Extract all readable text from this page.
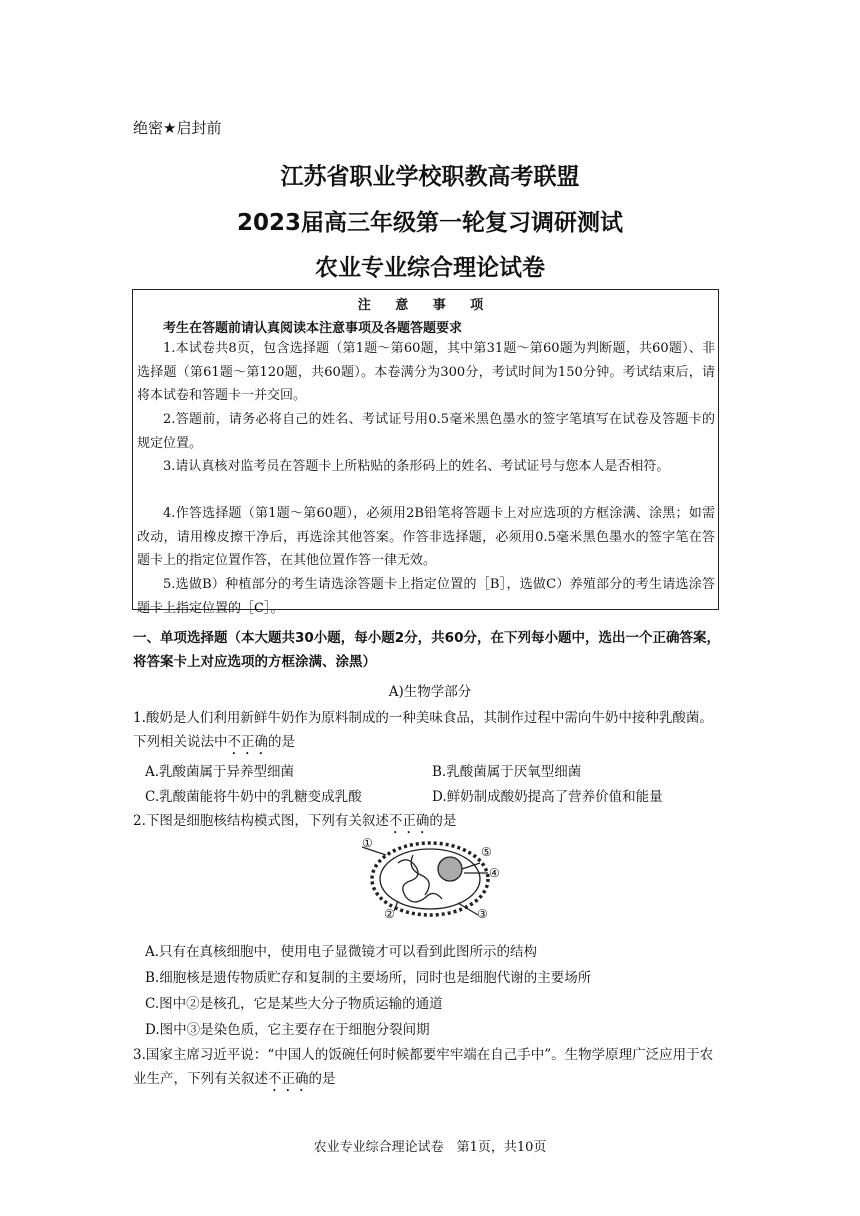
绝密★启封前
江苏省职业学校职教高考联盟
2023届高三年级第一轮复习调研测试
农业专业综合理论试卷
注 意 事 项
考生在答题前请认真阅读本注意事项及各题答题要求

1.本试卷共8页，包含选择题（第1题～第60题，其中第31题～第60题为判断题，共60题）、非选择题（第61题～第120题，共60题）。本卷满分为300分，考试时间为150分钟。考试结束后，请将本试卷和答题卡一并交回。

2.答题前，请务必将自己的姓名、考试证号用0.5毫米黑色墨水的签字笔填写在试卷及答题卡的规定位置。

3.请认真核对监考员在答题卡上所粘贴的条形码上的姓名、考试证号与您本人是否相符。

4.作答选择题（第1题～第60题），必须用2B铅笔将答题卡上对应选项的方框涂满、涂黑；如需改动，请用橡皮擦干净后，再选涂其他答案。作答非选择题，必须用0.5毫米黑色墨水的签字笔在答题卡上的指定位置作答，在其他位置作答一律无效。

5.选做B）种植部分的考生请选涂答题卡上指定位置的［B］，选做C）养殖部分的考生请选涂答题卡上指定位置的［C］。

一、单项选择题（本大题共30小题，每小题2分，共60分，在下列每小题中，选出一个正确答案，将答案卡上对应选项的方框涂满、涂黑）
A)生物学部分
1.酸奶是人们利用新鲜牛奶作为原料制成的一种美味食品，其制作过程中需向牛奶中接种乳酸菌。下列相关说法中不正确的是
A.乳酸菌属于异养型细菌	B.乳酸菌属于厌氧型细菌
C.乳酸菌能将牛奶中的乳糖变成乳酸	D.鲜奶制成酸奶提高了营养价值和能量
2.下图是细胞核结构模式图，下列有关叙述不正确的是
①
②	③
④
⑤
A.只有在真核细胞中，使用电子显微镜才可以看到此图所示的结构
B.细胞核是遗传物质贮存和复制的主要场所，同时也是细胞代谢的主要场所
C.图中②是核孔，它是某些大分子物质运输的通道
D.图中③是染色质，它主要存在于细胞分裂间期
3.国家主席习近平说：“中国人的饭碗任何时候都要牢牢端在自己手中”。生物学原理广泛应用于农业生产，下列有关叙述不正确的是
农业专业综合理论试卷　第1页，共10页
